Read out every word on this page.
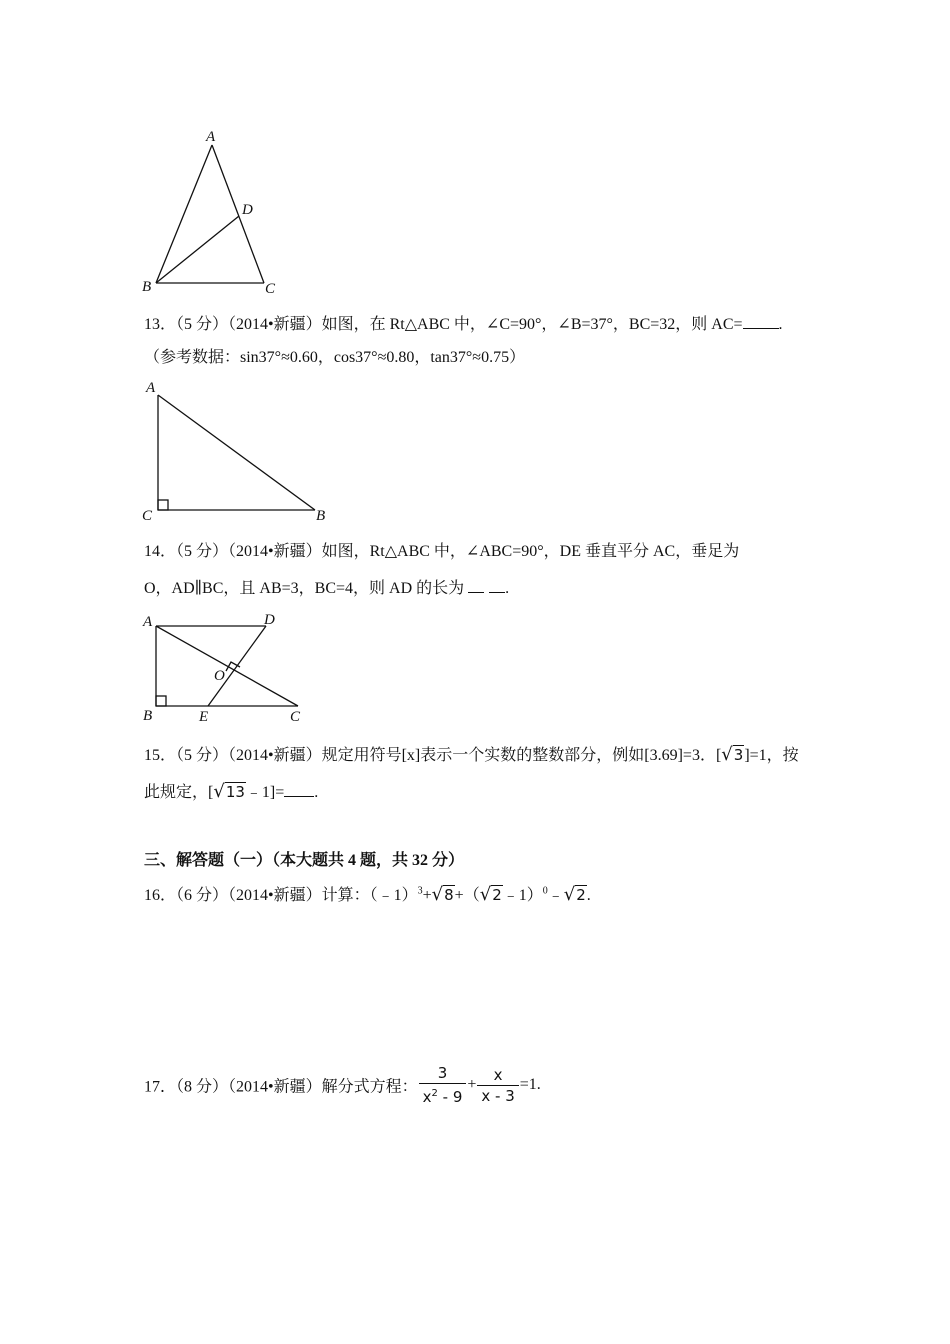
A
B	C
D
13．（5 分）（2014•新疆）如图，在 Rt△ABC 中，∠C=90°，∠B=37°，BC=32，则 AC= .
（参考数据：sin37°≈0.60，cos37°≈0.80，tan37°≈0.75）
A
C	B
14．（5 分）（2014•新疆）如图，Rt△ABC 中，∠ABC=90°，DE 垂直平分 AC，垂足为
O，AD∥BC，且 AB=3，BC=4，则 AD 的长为	.
A	D
O
B	E	C
15．（5 分）（2014•新疆）规定用符号[x]表示一个实数的整数部分，例如[3.69]=3．[√3]=1，按
此规定，[√13﹣1]= .
三、解答题（一）（本大题共 4 题，共 32 分）
16．（6 分）（2014•新疆）计算：（﹣1）$^3$+√8+（√2﹣1）$^0$﹣√2.
17．（8 分）（2014•新疆）解分式方程： $\frac{3}{x^2 - 9} + \frac{x}{x - 3} =1$.
